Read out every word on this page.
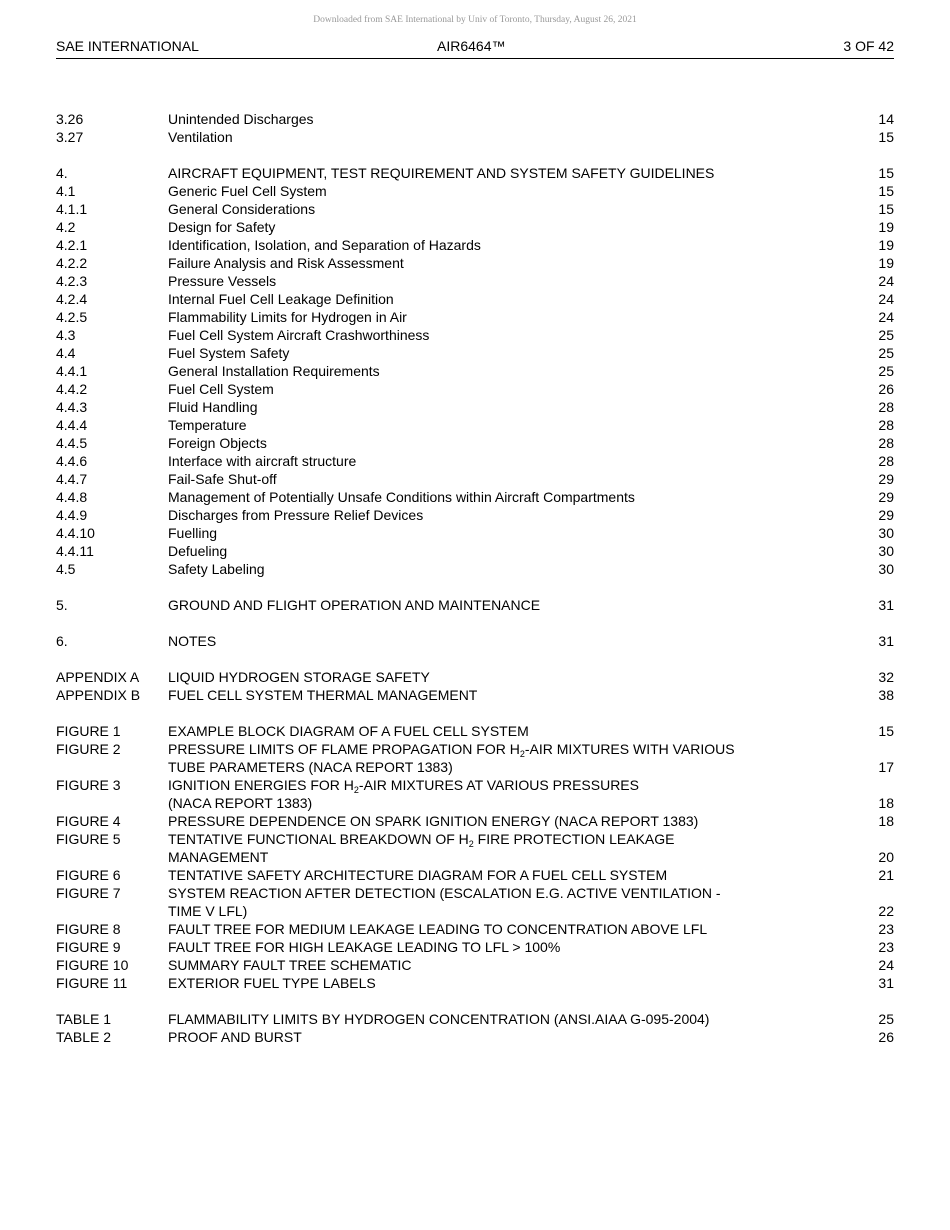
Downloaded from SAE International by Univ of Toronto, Thursday, August 26, 2021
SAE INTERNATIONAL	AIR6464™	3 OF 42
3.26	Unintended Discharges	14
3.27	Ventilation	15
4.	AIRCRAFT EQUIPMENT, TEST REQUIREMENT AND SYSTEM SAFETY GUIDELINES	15
4.1	Generic Fuel Cell System	15
4.1.1	General Considerations	15
4.2	Design for Safety	19
4.2.1	Identification, Isolation, and Separation of Hazards	19
4.2.2	Failure Analysis and Risk Assessment	19
4.2.3	Pressure Vessels	24
4.2.4	Internal Fuel Cell Leakage Definition	24
4.2.5	Flammability Limits for Hydrogen in Air	24
4.3	Fuel Cell System Aircraft Crashworthiness	25
4.4	Fuel System Safety	25
4.4.1	General Installation Requirements	25
4.4.2	Fuel Cell System	26
4.4.3	Fluid Handling	28
4.4.4	Temperature	28
4.4.5	Foreign Objects	28
4.4.6	Interface with aircraft structure	28
4.4.7	Fail-Safe Shut-off	29
4.4.8	Management of Potentially Unsafe Conditions within Aircraft Compartments	29
4.4.9	Discharges from Pressure Relief Devices	29
4.4.10	Fuelling	30
4.4.11	Defueling	30
4.5	Safety Labeling	30
5.	GROUND AND FLIGHT OPERATION AND MAINTENANCE	31
6.	NOTES	31
APPENDIX A	LIQUID HYDROGEN STORAGE SAFETY	32
APPENDIX B	FUEL CELL SYSTEM THERMAL MANAGEMENT	38
FIGURE 1	EXAMPLE BLOCK DIAGRAM OF A FUEL CELL SYSTEM	15
FIGURE 2	PRESSURE LIMITS OF FLAME PROPAGATION FOR $H_2$-AIR MIXTURES WITH VARIOUS
TUBE PARAMETERS (NACA REPORT 1383)	17
FIGURE 3	IGNITION ENERGIES FOR $H_2$-AIR MIXTURES AT VARIOUS PRESSURES
(NACA REPORT 1383)	18
FIGURE 4	PRESSURE DEPENDENCE ON SPARK IGNITION ENERGY (NACA REPORT 1383)	18
FIGURE 5	TENTATIVE FUNCTIONAL BREAKDOWN OF $H_2$ FIRE PROTECTION LEAKAGE
MANAGEMENT	20
FIGURE 6	TENTATIVE SAFETY ARCHITECTURE DIAGRAM FOR A FUEL CELL SYSTEM	21
FIGURE 7	SYSTEM REACTION AFTER DETECTION (ESCALATION E.G. ACTIVE VENTILATION -
TIME V LFL)	22
FIGURE 8	FAULT TREE FOR MEDIUM LEAKAGE LEADING TO CONCENTRATION ABOVE LFL	23
FIGURE 9	FAULT TREE FOR HIGH LEAKAGE LEADING TO LFL > 100%	23
FIGURE 10	SUMMARY FAULT TREE SCHEMATIC	24
FIGURE 11	EXTERIOR FUEL TYPE LABELS	31
TABLE 1	FLAMMABILITY LIMITS BY HYDROGEN CONCENTRATION (ANSI.AIAA G-095-2004)	25
TABLE 2	PROOF AND BURST	26
